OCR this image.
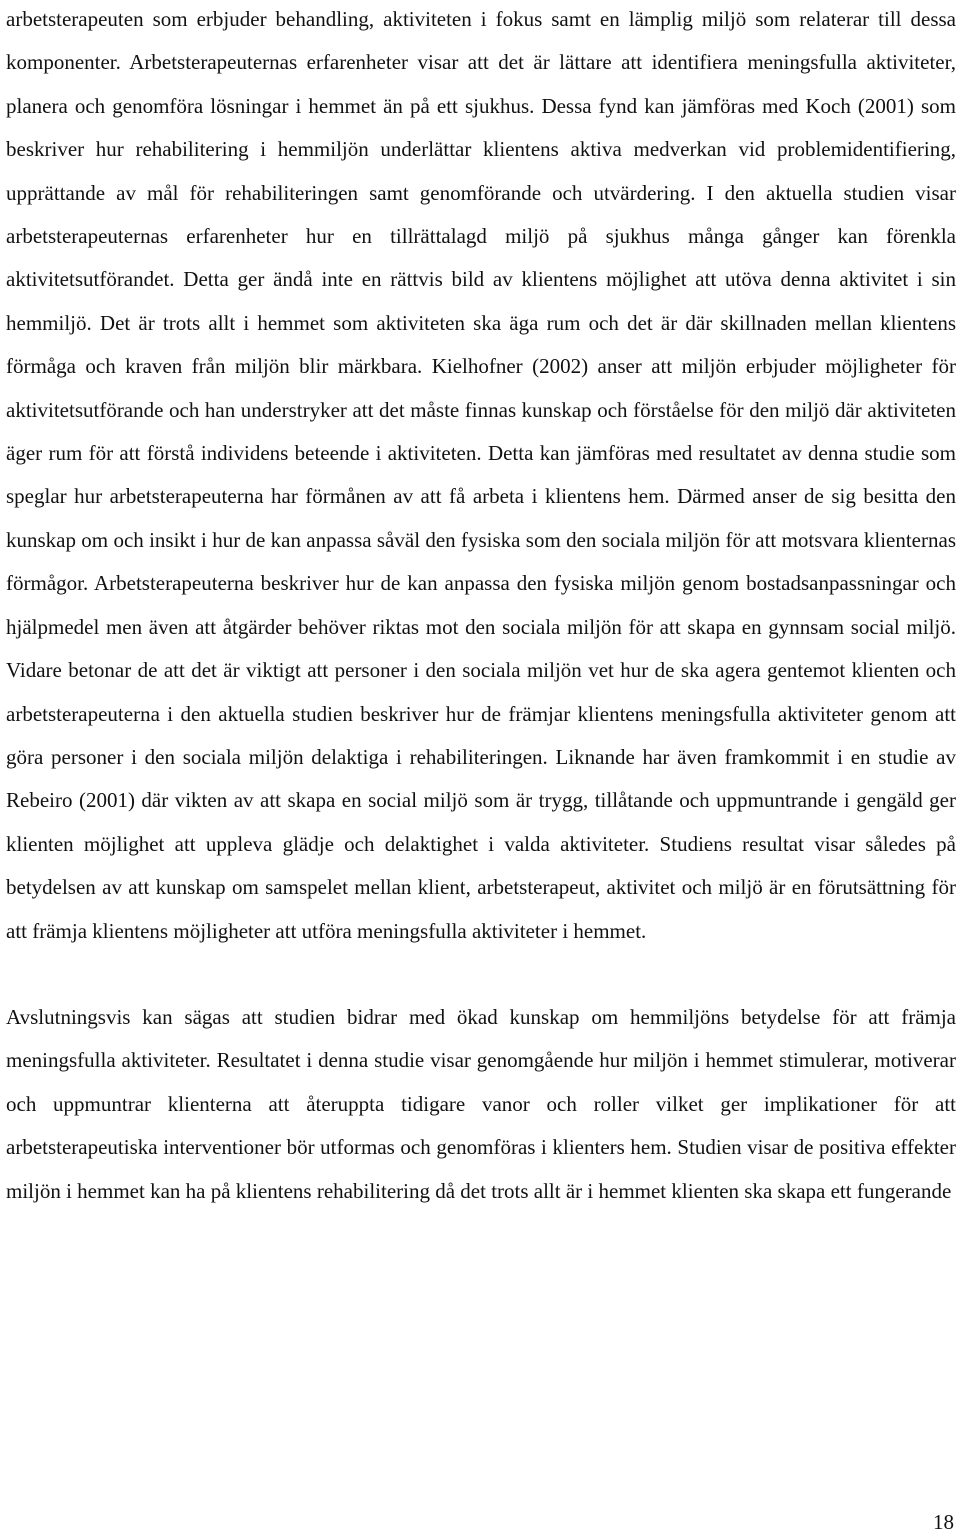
arbetsterapeuten som erbjuder behandling, aktiviteten i fokus samt en lämplig miljö som relaterar till dessa komponenter. Arbetsterapeuternas erfarenheter visar att det är lättare att identifiera meningsfulla aktiviteter, planera och genomföra lösningar i hemmet än på ett sjukhus. Dessa fynd kan jämföras med Koch (2001) som beskriver hur rehabilitering i hemmiljön underlättar klientens aktiva medverkan vid problemidentifiering, upprättande av mål för rehabiliteringen samt genomförande och utvärdering. I den aktuella studien visar arbetsterapeuternas erfarenheter hur en tillrättalagd miljö på sjukhus många gånger kan förenkla aktivitetsutförandet. Detta ger ändå inte en rättvis bild av klientens möjlighet att utöva denna aktivitet i sin hemmiljö. Det är trots allt i hemmet som aktiviteten ska äga rum och det är där skillnaden mellan klientens förmåga och kraven från miljön blir märkbara. Kielhofner (2002) anser att miljön erbjuder möjligheter för aktivitetsutförande och han understryker att det måste finnas kunskap och förståelse för den miljö där aktiviteten äger rum för att förstå individens beteende i aktiviteten. Detta kan jämföras med resultatet av denna studie som speglar hur arbetsterapeuterna har förmånen av att få arbeta i klientens hem. Därmed anser de sig besitta den kunskap om och insikt i hur de kan anpassa såväl den fysiska som den sociala miljön för att motsvara klienternas förmågor. Arbetsterapeuterna beskriver hur de kan anpassa den fysiska miljön genom bostadsanpassningar och hjälpmedel men även att åtgärder behöver riktas mot den sociala miljön för att skapa en gynnsam social miljö. Vidare betonar de att det är viktigt att personer i den sociala miljön vet hur de ska agera gentemot klienten och arbetsterapeuterna i den aktuella studien beskriver hur de främjar klientens meningsfulla aktiviteter genom att göra personer i den sociala miljön delaktiga i rehabiliteringen. Liknande har även framkommit i en studie av Rebeiro (2001) där vikten av att skapa en social miljö som är trygg, tillåtande och uppmuntrande i gengäld ger klienten möjlighet att uppleva glädje och delaktighet i valda aktiviteter. Studiens resultat visar således på betydelsen av att kunskap om samspelet mellan klient, arbetsterapeut, aktivitet och miljö är en förutsättning för att främja klientens möjligheter att utföra meningsfulla aktiviteter i hemmet.

Avslutningsvis kan sägas att studien bidrar med ökad kunskap om hemmiljöns betydelse för att främja meningsfulla aktiviteter. Resultatet i denna studie visar genomgående hur miljön i hemmet stimulerar, motiverar och uppmuntrar klienterna att återuppta tidigare vanor och roller vilket ger implikationer för att arbetsterapeutiska interventioner bör utformas och genomföras i klienters hem. Studien visar de positiva effekter miljön i hemmet kan ha på klientens rehabilitering då det trots allt är i hemmet klienten ska skapa ett fungerande

18
